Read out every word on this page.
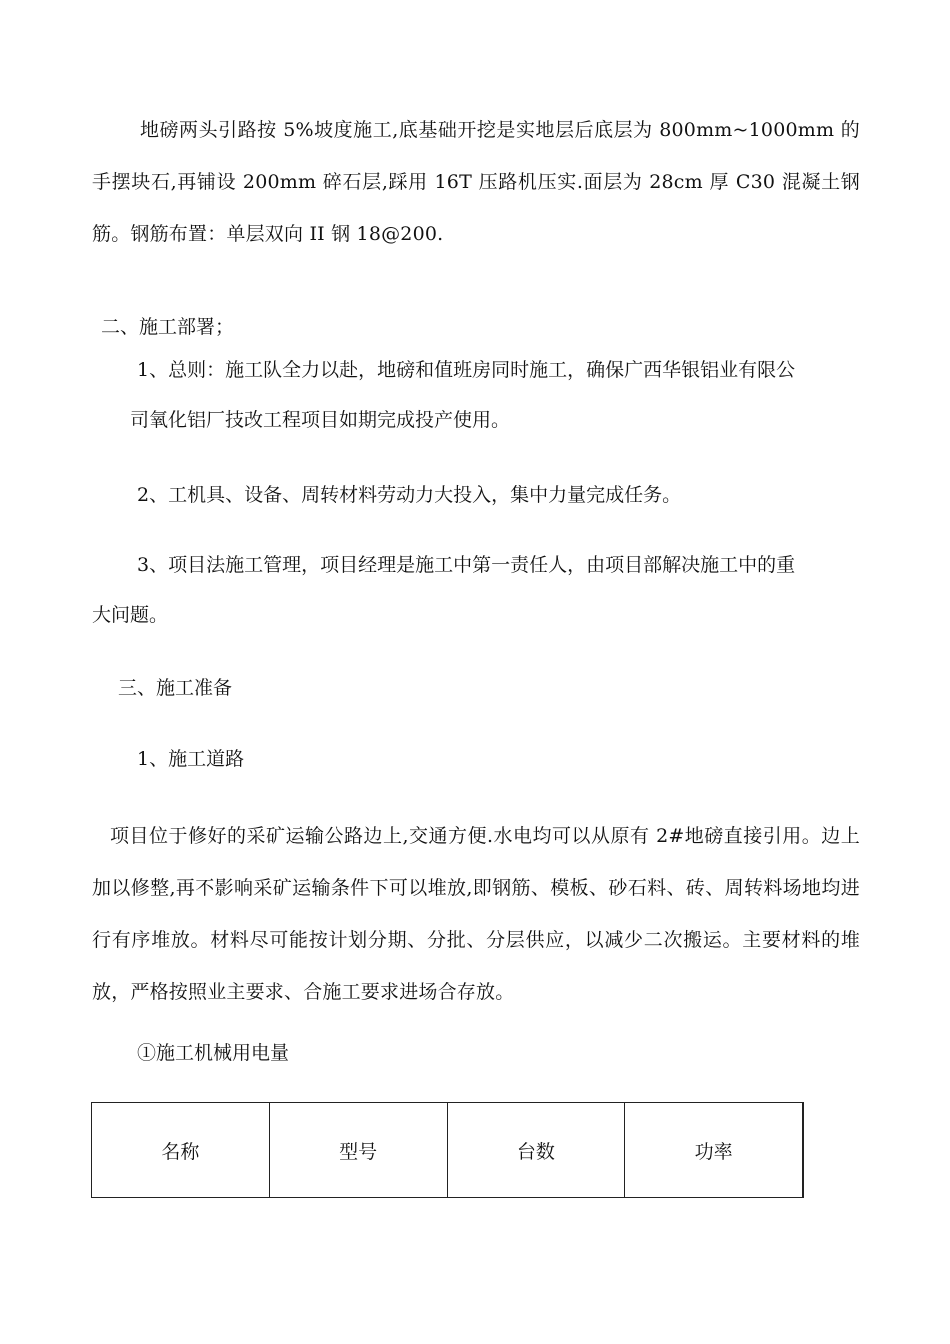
地磅两头引路按 5%坡度施工,底基础开挖是实地层后底层为 800mm~1000mm 的手摆块石,再铺设 200mm 碎石层,踩用 16T 压路机压实.面层为 28cm 厚 C30 混凝土钢筋。钢筋布置：单层双向 II 钢 18@200.

二、施工部署；
1、总则：施工队全力以赴，地磅和值班房同时施工，确保广西华银铝业有限公
司氧化铝厂技改工程项目如期完成投产使用。
2、工机具、设备、周转材料劳动力大投入，集中力量完成任务。
3、项目法施工管理，项目经理是施工中第一责任人，由项目部解决施工中的重
大问题。
三、施工准备
1、施工道路

项目位于修好的采矿运输公路边上,交通方便.水电均可以从原有 2#地磅直接引用。边上加以修整,再不影响采矿运输条件下可以堆放,即钢筋、模板、砂石料、砖、周转料场地均进行有序堆放。材料尽可能按计划分期、分批、分层供应，以减少二次搬运。主要材料的堆放，严格按照业主要求、合施工要求进场合存放。

①施工机械用电量
名称	型号	台数	功率
